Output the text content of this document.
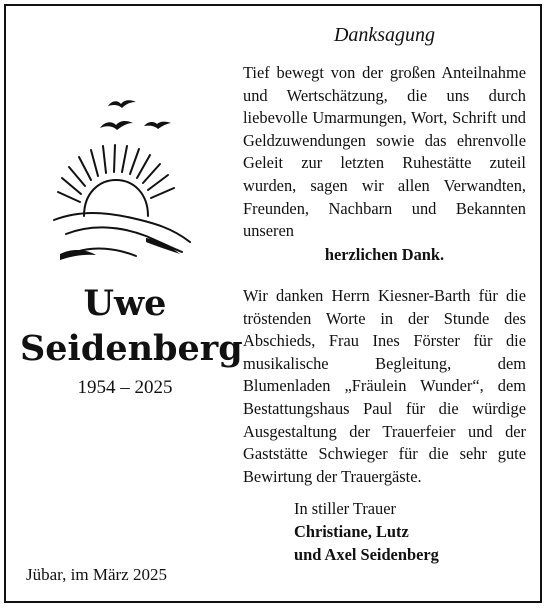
Uwe
Seidenberg
1954 – 2025
Jübar, im März 2025
Danksagung

Tief bewegt von der großen Anteilnahme und Wertschätzung, die uns durch liebevolle Umarmungen, Wort, Schrift und Geldzuwendungen sowie das ehrenvolle Geleit zur letzten Ruhestätte zuteil wurden, sagen wir allen Verwandten, Freunden, Nachbarn und Bekannten unseren

herzlichen Dank.

Wir danken Herrn Kiesner-Barth für die tröstenden Worte in der Stunde des Abschieds, Frau Ines Förster für die musikalische Begleitung, dem Blumenladen „Fräulein Wunder“, dem Bestattungshaus Paul für die würdige Ausgestaltung der Trauerfeier und der Gaststätte Schwieger für die sehr gute Bewirtung der Trauergäste.

In stiller Trauer
Christiane, Lutz
und Axel Seidenberg
